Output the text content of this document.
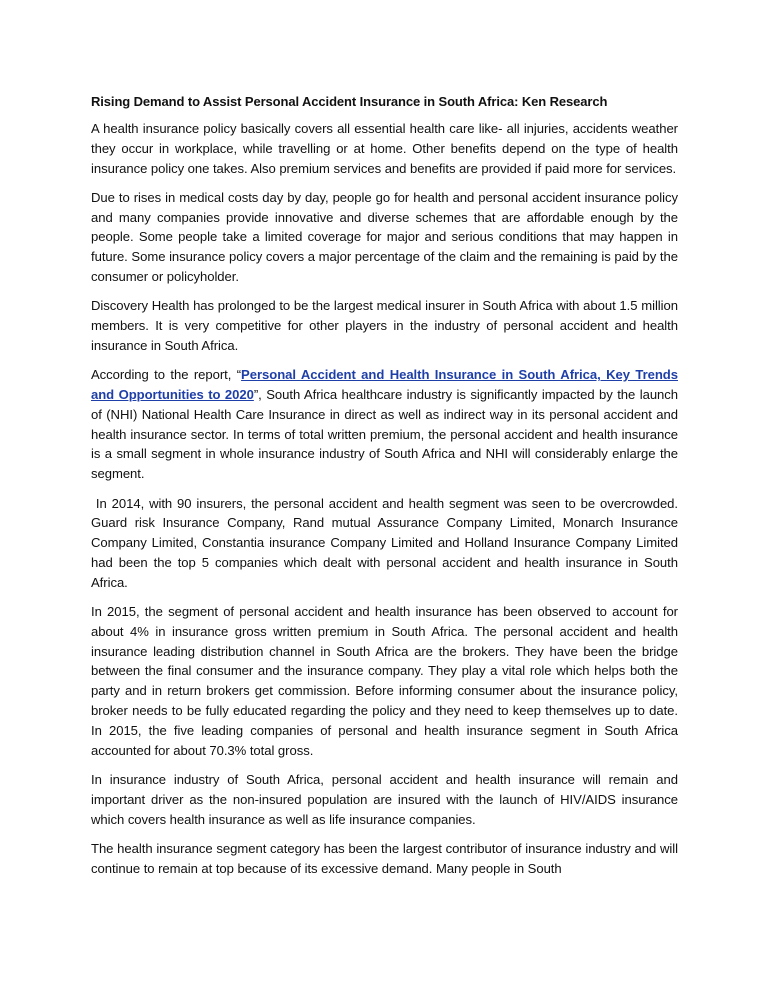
Rising Demand to Assist Personal Accident Insurance in South Africa: Ken Research

A health insurance policy basically covers all essential health care like- all injuries, accidents weather they occur in workplace, while travelling or at home. Other benefits depend on the type of health insurance policy one takes. Also premium services and benefits are provided if paid more for services.

Due to rises in medical costs day by day, people go for health and personal accident insurance policy and many companies provide innovative and diverse schemes that are affordable enough by the people. Some people take a limited coverage for major and serious conditions that may happen in future. Some insurance policy covers a major percentage of the claim and the remaining is paid by the consumer or policyholder.

Discovery Health has prolonged to be the largest medical insurer in South Africa with about 1.5 million members. It is very competitive for other players in the industry of personal accident and health insurance in South Africa.

According to the report, “Personal Accident and Health Insurance in South Africa, Key Trends and Opportunities to 2020”, South Africa healthcare industry is significantly impacted by the launch of (NHI) National Health Care Insurance in direct as well as indirect way in its personal accident and health insurance sector. In terms of total written premium, the personal accident and health insurance is a small segment in whole insurance industry of South Africa and NHI will considerably enlarge the segment.

In 2014, with 90 insurers, the personal accident and health segment was seen to be overcrowded. Guard risk Insurance Company, Rand mutual Assurance Company Limited, Monarch Insurance Company Limited, Constantia insurance Company Limited and Holland Insurance Company Limited had been the top 5 companies which dealt with personal accident and health insurance in South Africa.

In 2015, the segment of personal accident and health insurance has been observed to account for about 4% in insurance gross written premium in South Africa. The personal accident and health insurance leading distribution channel in South Africa are the brokers. They have been the bridge between the final consumer and the insurance company. They play a vital role which helps both the party and in return brokers get commission. Before informing consumer about the insurance policy, broker needs to be fully educated regarding the policy and they need to keep themselves up to date. In 2015, the five leading companies of personal and health insurance segment in South Africa accounted for about 70.3% total gross.

In insurance industry of South Africa, personal accident and health insurance will remain and important driver as the non-insured population are insured with the launch of HIV/AIDS insurance which covers health insurance as well as life insurance companies.

The health insurance segment category has been the largest contributor of insurance industry and will continue to remain at top because of its excessive demand. Many people in South
